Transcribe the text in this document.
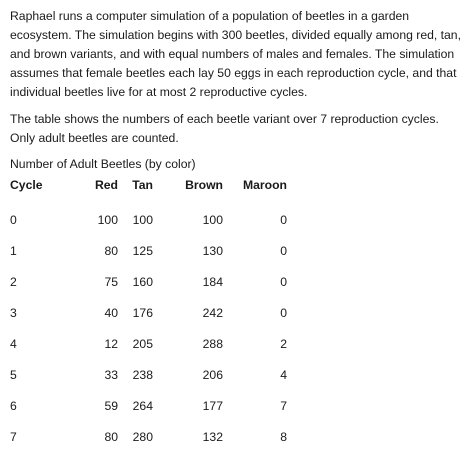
Raphael runs a computer simulation of a population of beetles in a garden ecosystem. The simulation begins with 300 beetles, divided equally among red, tan, and brown variants, and with equal numbers of males and females. The simulation assumes that female beetles each lay 50 eggs in each reproduction cycle, and that individual beetles live for at most 2 reproductive cycles.

The table shows the numbers of each beetle variant over 7 reproduction cycles. Only adult beetles are counted.

Number of Adult Beetles (by color)

Cycle	Red	Tan	Brown	Maroon
0	100	100	100	0
1	80	125	130	0
2	75	160	184	0
3	40	176	242	0
4	12	205	288	2
5	33	238	206	4
6	59	264	177	7
7	80	280	132	8
